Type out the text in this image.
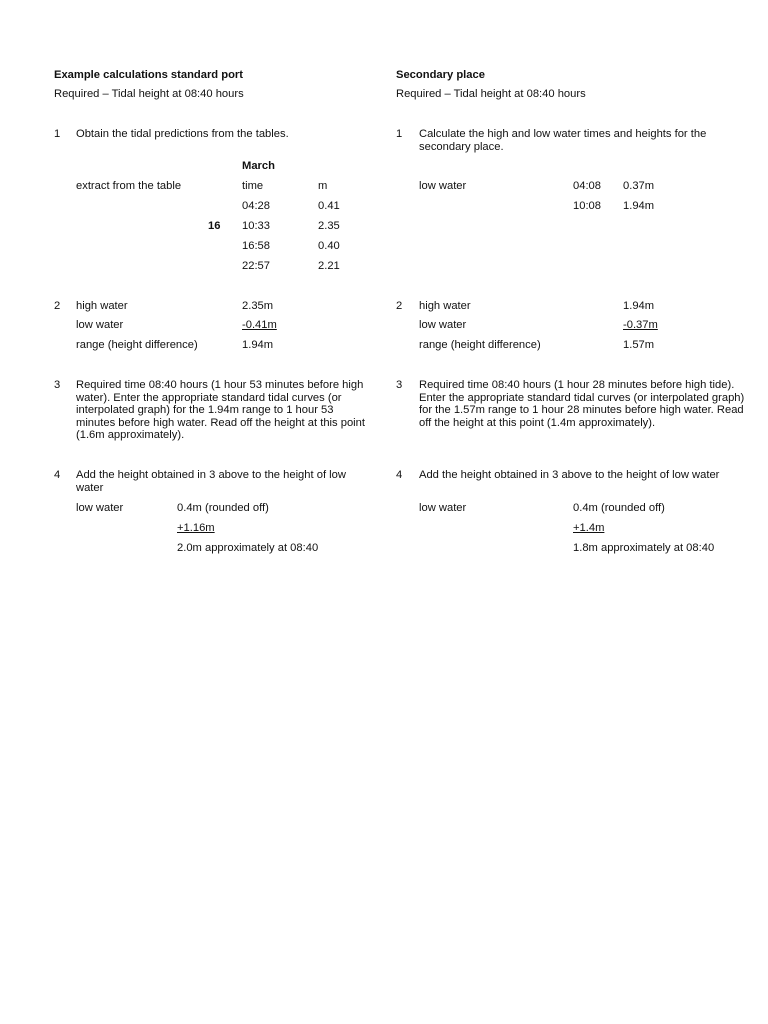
Example calculations standard port
Required – Tidal height at 08:40 hours
1 Obtain the tidal predictions from the tables.
March
extract from the table	time	m
04:28	0.41
16 10:33	2.35
16:58	0.40
22:57	2.21
2 high water	2.35m
low water	-0.41m
range (height difference)	1.94m
3 Required time 08:40 hours (1 hour 53 minutes before high water). Enter the appropriate standard tidal curves (or interpolated graph) for the 1.94m range to 1 hour 53 minutes before high water. Read off the height at this point (1.6m approximately).
4 Add the height obtained in 3 above to the height of low water
low water	0.4m (rounded off)
+1.16m
2.0m approximately at 08:40
Secondary place
Required – Tidal height at 08:40 hours
1 Calculate the high and low water times and heights for the secondary place.
low water	04:08 0.37m
10:08 1.94m
2 high water	1.94m
low water	-0.37m
range (height difference)	1.57m
3 Required time 08:40 hours (1 hour 28 minutes before high tide). Enter the appropriate standard tidal curves (or interpolated graph) for the 1.57m range to 1 hour 28 minutes before high water. Read off the height at this point (1.4m approximately).
4 Add the height obtained in 3 above to the height of low water
low water	0.4m (rounded off)
+1.4m
1.8m approximately at 08:40
